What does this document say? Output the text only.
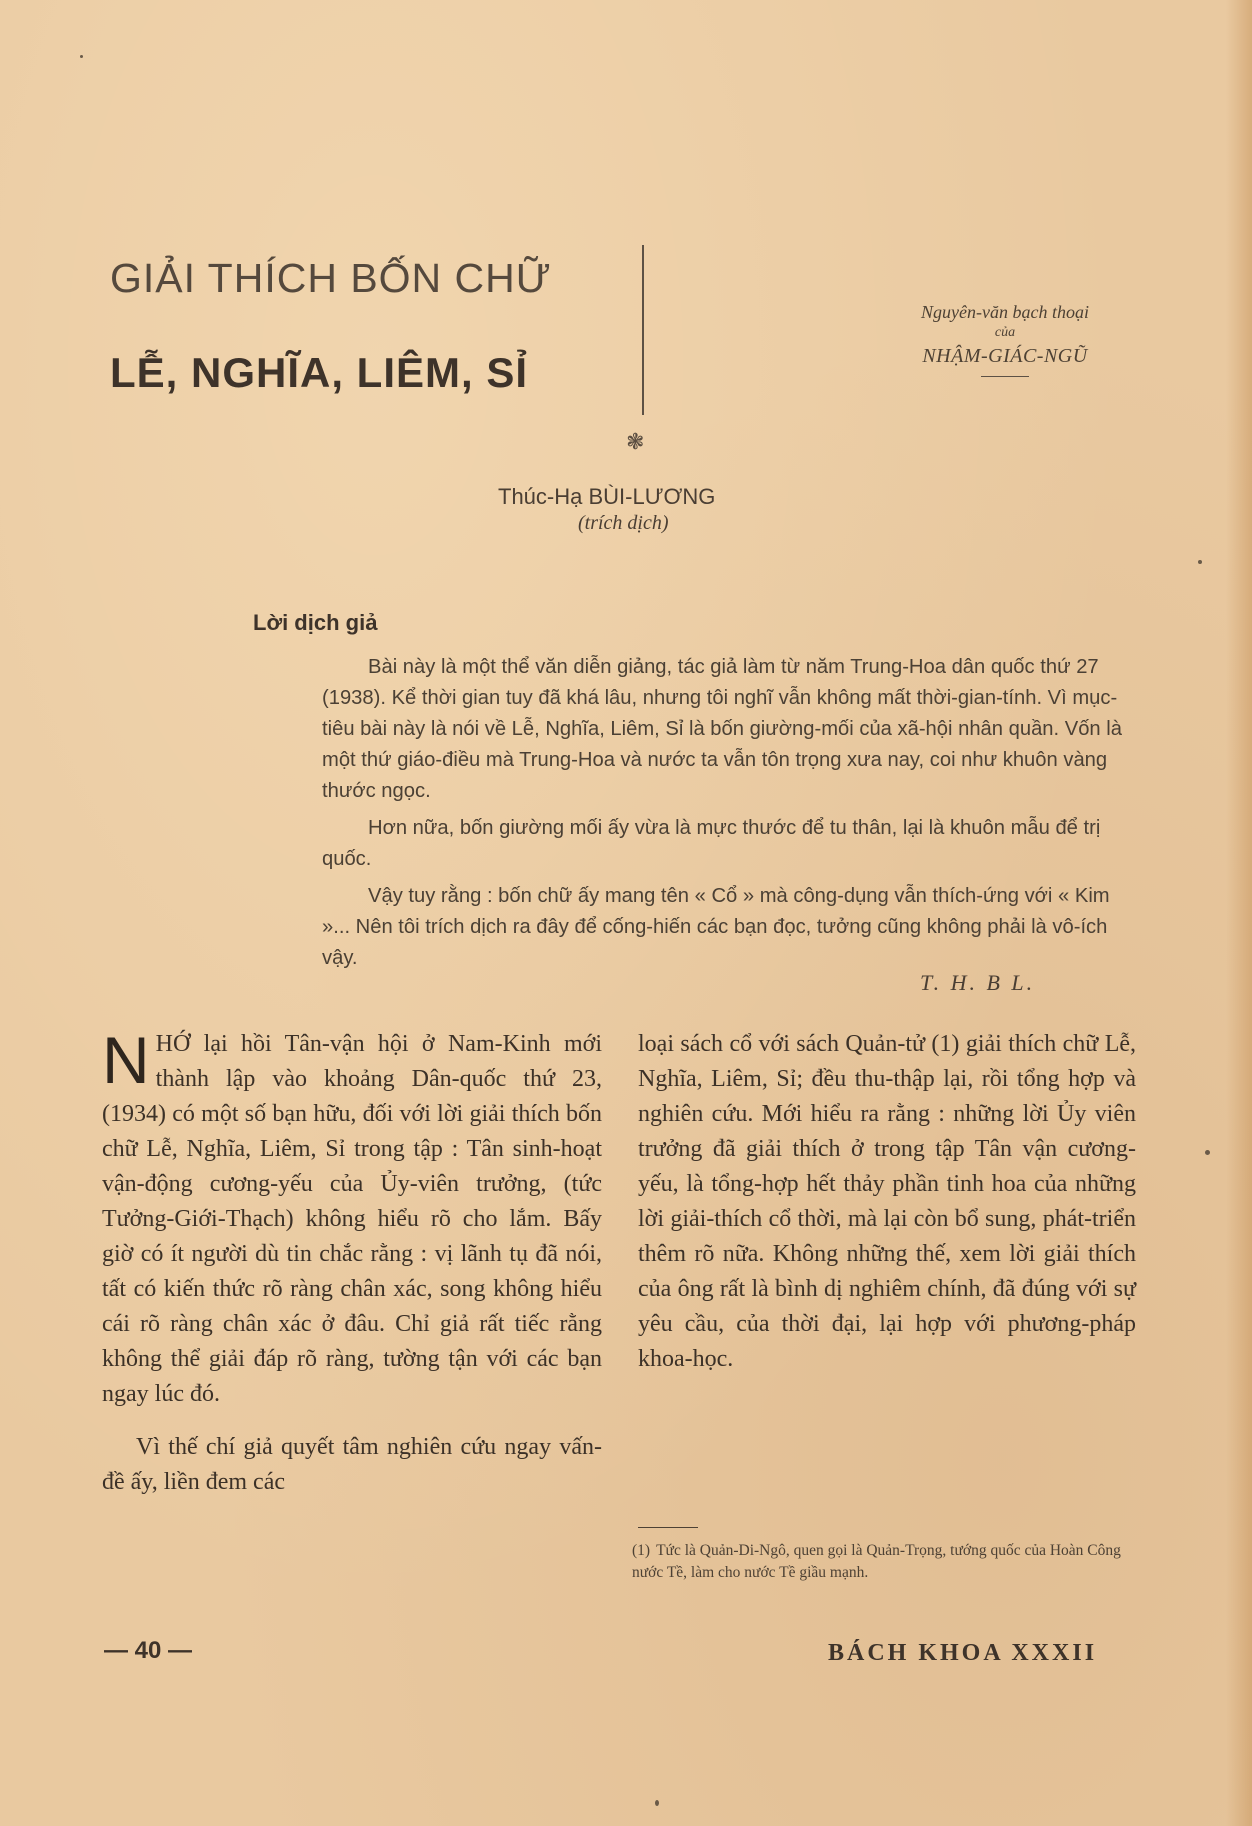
GIẢI THÍCH BỐN CHỮ
LỄ, NGHĨA, LIÊM, SỈ
❃
Nguyên-văn bạch thoại
của
NHẬM-GIÁC-NGŨ
Thúc-Hạ BÙI-LƯƠNG
(trích dịch)
Lời dịch giả

Bài này là một thể văn diễn giảng, tác giả làm từ năm Trung-Hoa dân quốc thứ 27 (1938). Kể thời gian tuy đã khá lâu, nhưng tôi nghĩ vẫn không mất thời-gian-tính. Vì mục-tiêu bài này là nói về Lễ, Nghĩa, Liêm, Sỉ là bốn giường-mối của xã-hội nhân quần. Vốn là một thứ giáo-điều mà Trung-Hoa và nước ta vẫn tôn trọng xưa nay, coi như khuôn vàng thước ngọc.

Hơn nữa, bốn giường mối ấy vừa là mực thước để tu thân, lại là khuôn mẫu để trị quốc.

Vậy tuy rằng : bốn chữ ấy mang tên « Cổ » mà công-dụng vẫn thích-ứng với « Kim »... Nên tôi trích dịch ra đây để cống-hiến các bạn đọc, tưởng cũng không phải là vô-ích vậy.

T. H. B L.

NHỚ lại hồi Tân-vận hội ở Nam-Kinh mới thành lập vào khoảng Dân-quốc thứ 23, (1934) có một số bạn hữu, đối với lời giải thích bốn chữ Lễ, Nghĩa, Liêm, Sỉ trong tập : Tân sinh-hoạt vận-động cương-yếu của Ủy-viên trưởng, (tức Tưởng-Giới-Thạch) không hiểu rõ cho lắm. Bấy giờ có ít người dù tin chắc rằng : vị lãnh tụ đã nói, tất có kiến thức rõ ràng chân xác, song không hiểu cái rõ ràng chân xác ở đâu. Chỉ giả rất tiếc rằng không thể giải đáp rõ ràng, tường tận với các bạn ngay lúc đó.

Vì thế chí giả quyết tâm nghiên cứu ngay vấn-đề ấy, liền đem các

loại sách cổ với sách Quản-tử (1) giải thích chữ Lễ, Nghĩa, Liêm, Sỉ; đều thu-thập lại, rồi tổng hợp và nghiên cứu. Mới hiểu ra rằng : những lời Ủy viên trưởng đã giải thích ở trong tập Tân vận cương-yếu, là tổng-hợp hết thảy phần tinh hoa của những lời giải-thích cổ thời, mà lại còn bổ sung, phát-triển thêm rõ nữa. Không những thế, xem lời giải thích của ông rất là bình dị nghiêm chính, đã đúng với sự yêu cầu, của thời đại, lại hợp với phương-pháp khoa-học.

(1) Tức là Quản-Di-Ngô, quen gọi là Quản-Trọng, tướng quốc của Hoàn Công nước Tề, làm cho nước Tề giầu mạnh.
— 40 —	BÁCH KHOA XXXII
